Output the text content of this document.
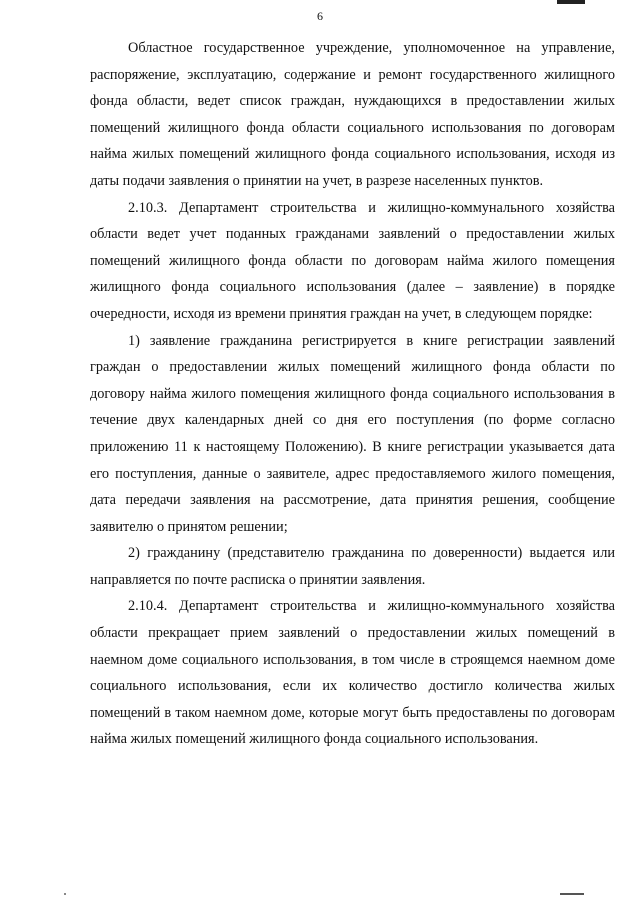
6

Областное государственное учреждение, уполномоченное на управление, распоряжение, эксплуатацию, содержание и ремонт государственного жилищного фонда области, ведет список граждан, нуждающихся в предоставлении жилых помещений жилищного фонда области социального использования по договорам найма жилых помещений жилищного фонда социального использования, исходя из даты подачи заявления о принятии на учет, в разрезе населенных пунктов.

2.10.3. Департамент строительства и жилищно-коммунального хозяйства области ведет учет поданных гражданами заявлений о предоставлении жилых помещений жилищного фонда области по договорам найма жилого помещения жилищного фонда социального использования (далее – заявление) в порядке очередности, исходя из времени принятия граждан на учет, в следующем порядке:

1) заявление гражданина регистрируется в книге регистрации заявлений граждан о предоставлении жилых помещений жилищного фонда области по договору найма жилого помещения жилищного фонда социального использования в течение двух календарных дней со дня его поступления (по форме согласно приложению 11 к настоящему Положению). В книге регистрации указывается дата его поступления, данные о заявителе, адрес предоставляемого жилого помещения, дата передачи заявления на рассмотрение, дата принятия решения, сообщение заявителю о принятом решении;

2) гражданину (представителю гражданина по доверенности) выдается или направляется по почте расписка о принятии заявления.

2.10.4. Департамент строительства и жилищно-коммунального хозяйства области прекращает прием заявлений о предоставлении жилых помещений в наемном доме социального использования, в том числе в строящемся наемном доме социального использования, если их количество достигло количества жилых помещений в таком наемном доме, которые могут быть предоставлены по договорам найма жилых помещений жилищного фонда социального использования.
